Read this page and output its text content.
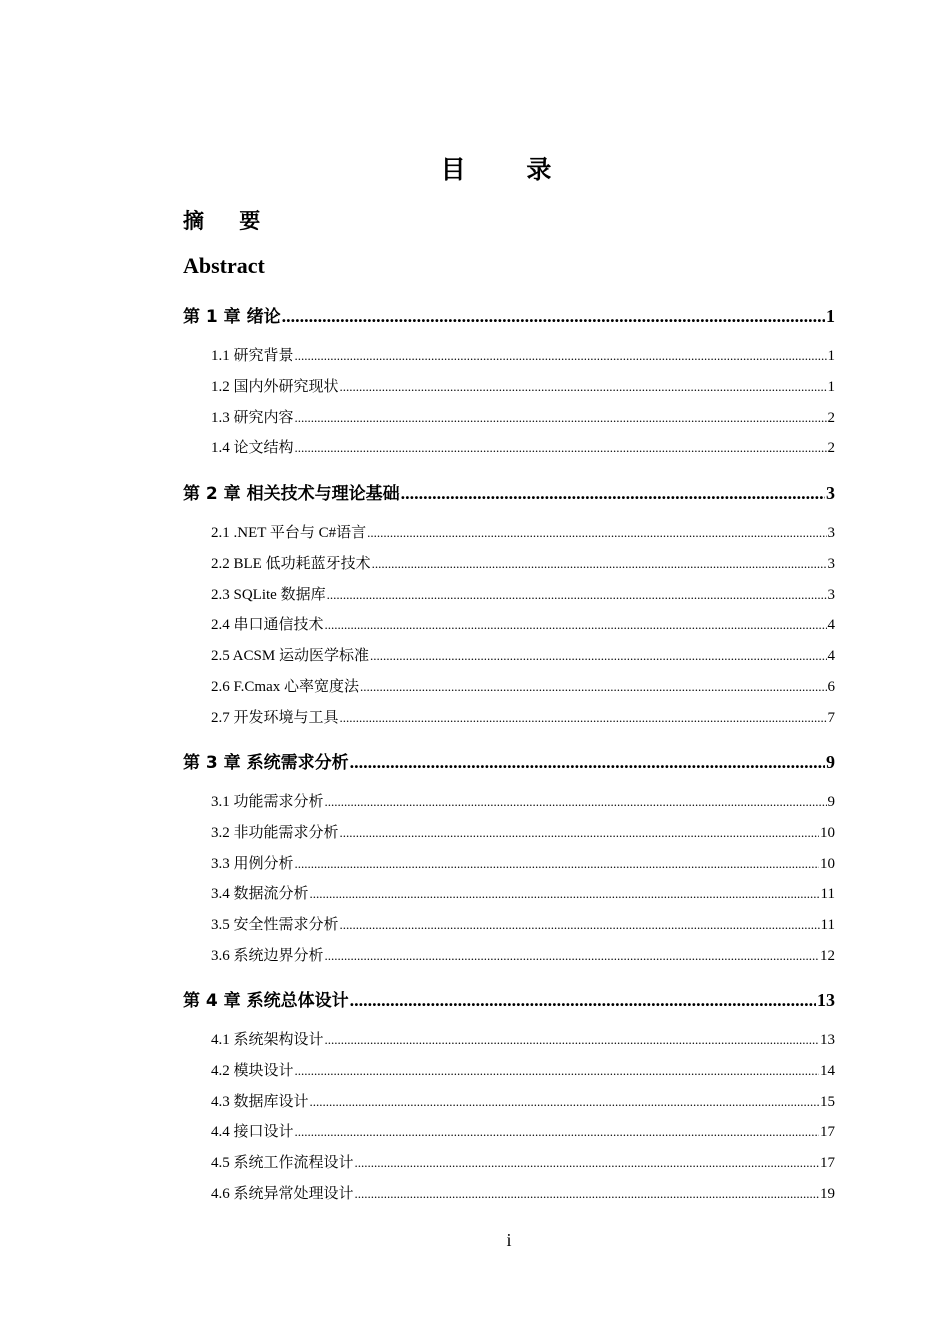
目 录
摘 要
Abstract
第 1 章 绪论 .....	1
1.1 研究背景 .....	1
1.2 国内外研究现状 .....	1
1.3 研究内容 .....	2
1.4 论文结构 .....	2
第 2 章 相关技术与理论基础 .....	3
2.1 .NET 平台与 C#语言 .....	3
2.2 BLE 低功耗蓝牙技术 .....	3
2.3 SQLite 数据库 .....	3
2.4 串口通信技术 .....	4
2.5 ACSM 运动医学标准 .....	4
2.6 F.Cmax 心率宽度法 .....	6
2.7 开发环境与工具 .....	7
第 3 章 系统需求分析 .....	9
3.1 功能需求分析 .....	9
3.2 非功能需求分析 .....	10
3.3 用例分析 .....	10
3.4 数据流分析 .....	11
3.5 安全性需求分析 .....	11
3.6 系统边界分析 .....	12
第 4 章 系统总体设计 .....	13
4.1 系统架构设计 .....	13
4.2 模块设计 .....	14
4.3 数据库设计 .....	15
4.4 接口设计 .....	17
4.5 系统工作流程设计 .....	17
4.6 系统异常处理设计 .....	19
i
